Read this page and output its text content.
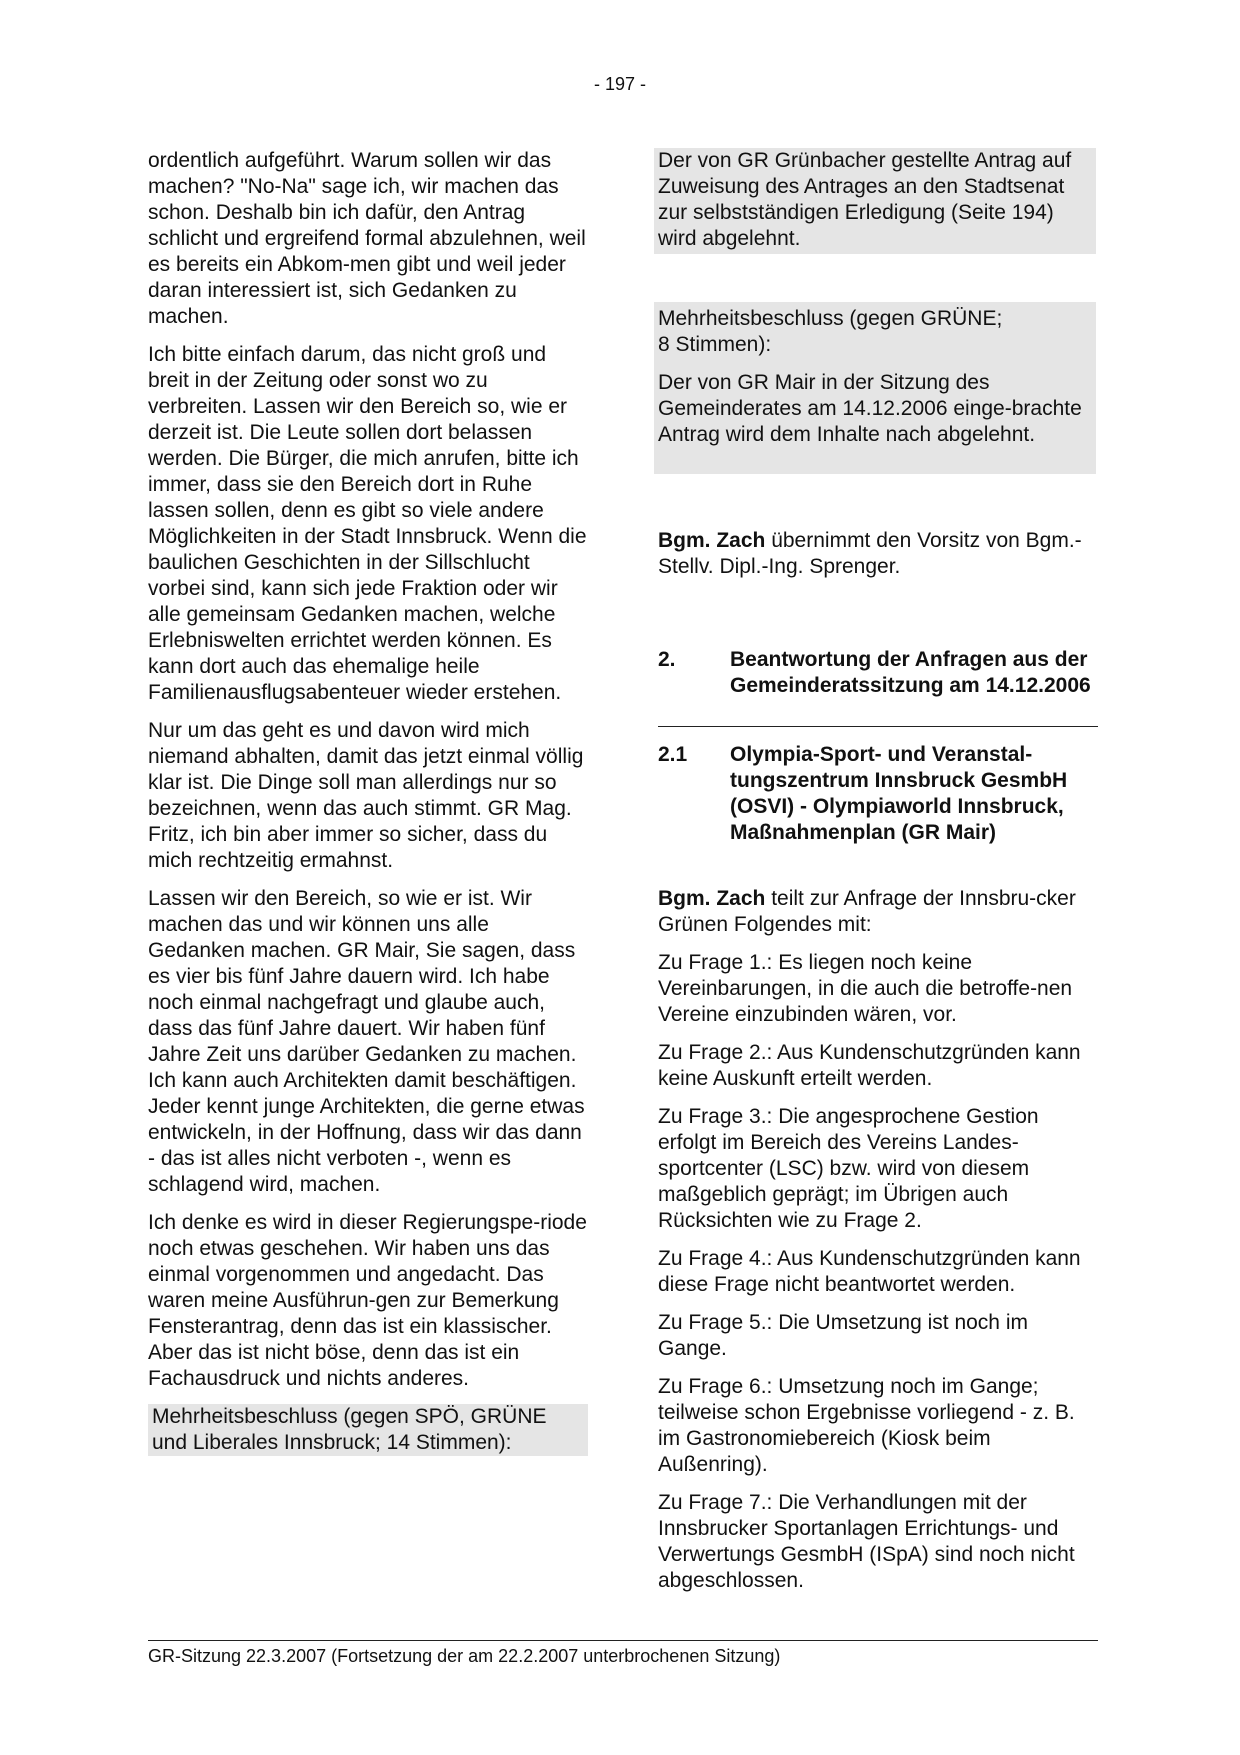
- 197 -

ordentlich aufgeführt. Warum sollen wir das machen? "No-Na" sage ich, wir machen das schon. Deshalb bin ich dafür, den Antrag schlicht und ergreifend formal abzulehnen, weil es bereits ein Abkom-men gibt und weil jeder daran interessiert ist, sich Gedanken zu machen.

Ich bitte einfach darum, das nicht groß und breit in der Zeitung oder sonst wo zu verbreiten. Lassen wir den Bereich so, wie er derzeit ist. Die Leute sollen dort belassen werden. Die Bürger, die mich anrufen, bitte ich immer, dass sie den Bereich dort in Ruhe lassen sollen, denn es gibt so viele andere Möglichkeiten in der Stadt Innsbruck. Wenn die baulichen Geschichten in der Sillschlucht vorbei sind, kann sich jede Fraktion oder wir alle gemeinsam Gedanken machen, welche Erlebniswelten errichtet werden können. Es kann dort auch das ehemalige heile Familienausflugsabenteuer wieder erstehen.

Nur um das geht es und davon wird mich niemand abhalten, damit das jetzt einmal völlig klar ist. Die Dinge soll man allerdings nur so bezeichnen, wenn das auch stimmt. GR Mag. Fritz, ich bin aber immer so sicher, dass du mich rechtzeitig ermahnst.

Lassen wir den Bereich, so wie er ist. Wir machen das und wir können uns alle Gedanken machen. GR Mair, Sie sagen, dass es vier bis fünf Jahre dauern wird. Ich habe noch einmal nachgefragt und glaube auch, dass das fünf Jahre dauert. Wir haben fünf Jahre Zeit uns darüber Gedanken zu machen. Ich kann auch Architekten damit beschäftigen. Jeder kennt junge Architekten, die gerne etwas entwickeln, in der Hoffnung, dass wir das dann - das ist alles nicht verboten -, wenn es schlagend wird, machen.

Ich denke es wird in dieser Regierungspe-riode noch etwas geschehen. Wir haben uns das einmal vorgenommen und angedacht. Das waren meine Ausführun-gen zur Bemerkung Fensterantrag, denn das ist ein klassischer. Aber das ist nicht böse, denn das ist ein Fachausdruck und nichts anderes.

Mehrheitsbeschluss (gegen SPÖ, GRÜNE und Liberales Innsbruck; 14 Stimmen):

Der von GR Grünbacher gestellte Antrag auf Zuweisung des Antrages an den Stadtsenat zur selbstständigen Erledigung (Seite 194) wird abgelehnt.

Mehrheitsbeschluss (gegen GRÜNE;

8 Stimmen):

Der von GR Mair in der Sitzung des Gemeinderates am 14.12.2006 einge-brachte Antrag wird dem Inhalte nach abgelehnt.

Bgm. Zach übernimmt den Vorsitz von Bgm.-Stellv. Dipl.-Ing. Sprenger.

2.	Beantwortung der Anfragen aus der Gemeinderatssitzung am 14.12.2006
2.1 Olympia-Sport- und Veranstal-tungszentrum Innsbruck GesmbH (OSVI) - Olympiaworld Innsbruck, Maßnahmenplan (GR Mair)

Bgm. Zach teilt zur Anfrage der Innsbru-cker Grünen Folgendes mit:

Zu Frage 1.: Es liegen noch keine Vereinbarungen, in die auch die betroffe-nen Vereine einzubinden wären, vor.

Zu Frage 2.: Aus Kundenschutzgründen kann keine Auskunft erteilt werden.

Zu Frage 3.: Die angesprochene Gestion erfolgt im Bereich des Vereins Landes-sportcenter (LSC) bzw. wird von diesem maßgeblich geprägt; im Übrigen auch Rücksichten wie zu Frage 2.

Zu Frage 4.: Aus Kundenschutzgründen kann diese Frage nicht beantwortet werden.

Zu Frage 5.: Die Umsetzung ist noch im Gange.

Zu Frage 6.: Umsetzung noch im Gange; teilweise schon Ergebnisse vorliegend - z. B. im Gastronomiebereich (Kiosk beim Außenring).

Zu Frage 7.: Die Verhandlungen mit der Innsbrucker Sportanlagen Errichtungs- und Verwertungs GesmbH (ISpA) sind noch nicht abgeschlossen.

GR-Sitzung 22.3.2007 (Fortsetzung der am 22.2.2007 unterbrochenen Sitzung)
